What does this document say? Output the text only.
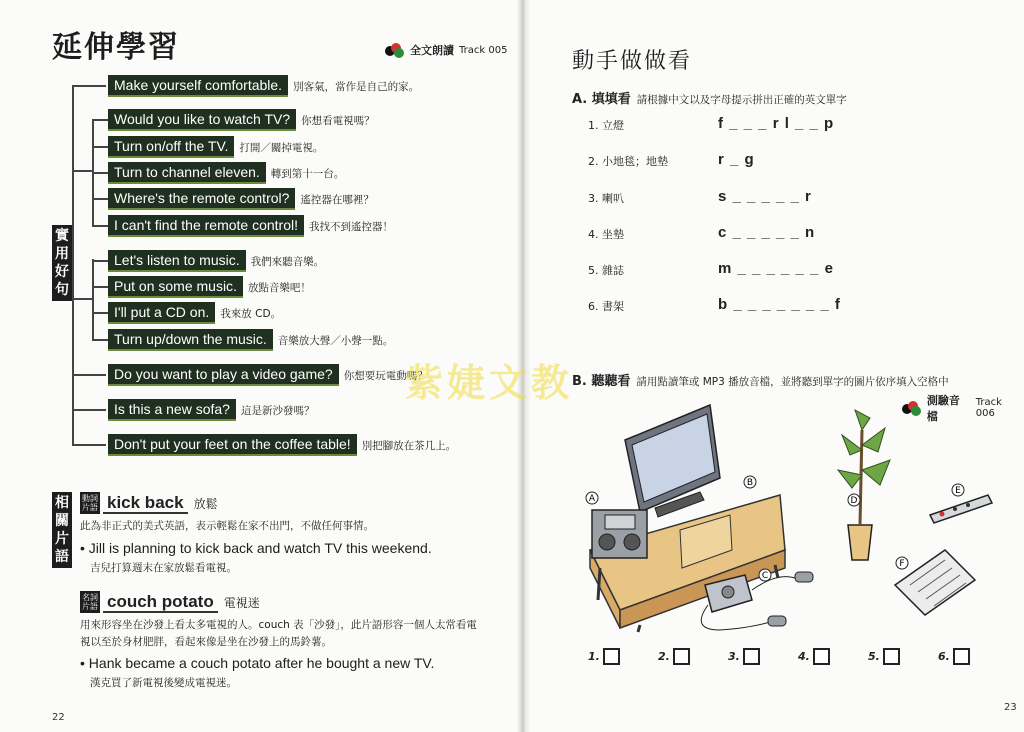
延伸學習	全文朗讀 Track 005
實
用
好
句
Make yourself comfortable.	別客氣，當作是自己的家。
Would you like to watch TV?	你想看電視嗎？
Turn on/off the TV.	打開／關掉電視。
Turn to channel eleven.	轉到第十一台。
Where's the remote control?	遙控器在哪裡？
I can't find the remote control!	我找不到遙控器！
Let's listen to music.	我們來聽音樂。
Put on some music.	放點音樂吧！
I'll put a CD on.	我來放 CD。
Turn up/down the music.	音樂放大聲／小聲一點。
Do you want to play a video game?	你想要玩電動嗎？
Is this a new sofa?	這是新沙發嗎？
Don't put your feet on the coffee table!	別把腳放在茶几上。
相
關
片
語
動詞片語 kick back 放鬆
此為非正式的美式英語，表示輕鬆在家不出門，不做任何事情。
• Jill is planning to kick back and watch TV this weekend.
吉兒打算週末在家放鬆看電視。
名詞片語 couch potato 電視迷
用來形容坐在沙發上看太多電視的人。couch 表「沙發」，此片語形容一個人太常看電
視以至於身材肥胖，看起來像是坐在沙發上的馬鈴薯。
• Hank became a couch potato after he bought a new TV.
漢克買了新電視後變成電視迷。
22
動手做做看
A. 填填看 請根據中文以及字母提示拼出正確的英文單字
1. 立燈	f _ _ _ r l _ _ p
2. 小地毯；地墊	r _ g
3. 喇叭	s _ _ _ _ _ r
4. 坐墊	c _ _ _ _ _ n
5. 雜誌	m _ _ _ _ _ _ e
6. 書架	b _ _ _ _ _ _ _ f
B. 聽聽看 請用點讀筆或 MP3 播放音檔，並將聽到單字的圖片依序填入空格中
測驗音檔
Track 006
A
B
C
D
E
F
1.	2.	3.	4.	5.	6.
23
紫婕文教
